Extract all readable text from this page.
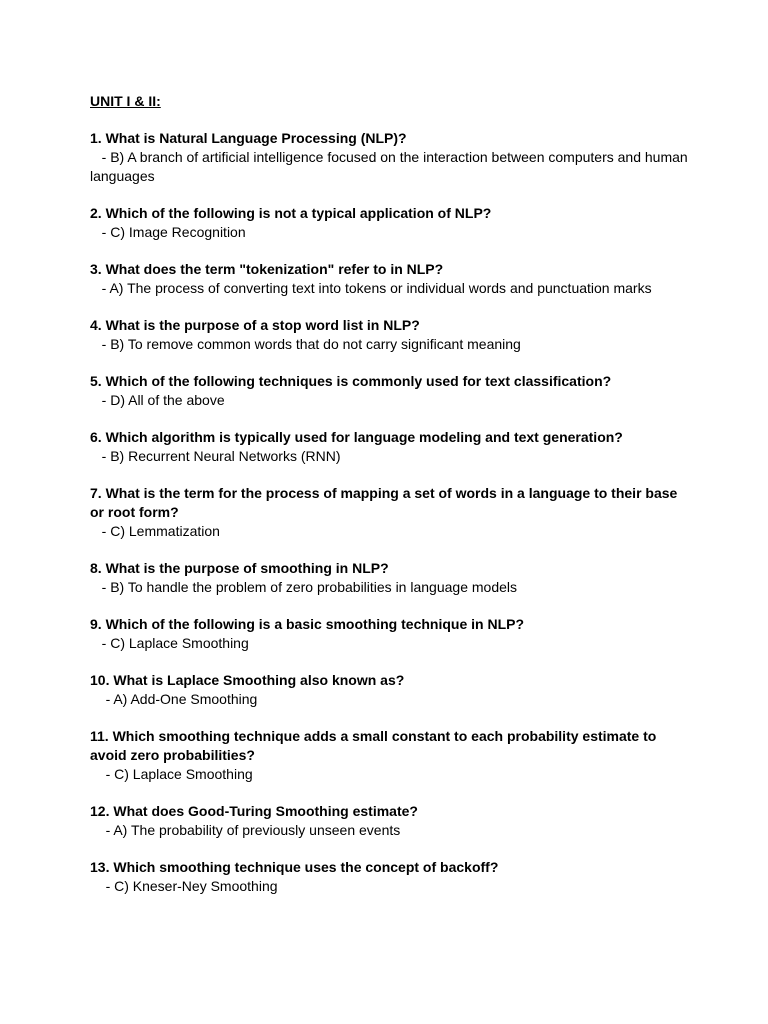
UNIT I & II:
1. What is Natural Language Processing (NLP)?
- B) A branch of artificial intelligence focused on the interaction between computers and human languages
2. Which of the following is not a typical application of NLP?
- C) Image Recognition
3. What does the term "tokenization" refer to in NLP?
- A) The process of converting text into tokens or individual words and punctuation marks
4. What is the purpose of a stop word list in NLP?
- B) To remove common words that do not carry significant meaning
5. Which of the following techniques is commonly used for text classification?
- D) All of the above
6. Which algorithm is typically used for language modeling and text generation?
- B) Recurrent Neural Networks (RNN)
7. What is the term for the process of mapping a set of words in a language to their base or root form?
- C) Lemmatization
8. What is the purpose of smoothing in NLP?
- B) To handle the problem of zero probabilities in language models
9. Which of the following is a basic smoothing technique in NLP?
- C) Laplace Smoothing
10. What is Laplace Smoothing also known as?
- A) Add-One Smoothing
11. Which smoothing technique adds a small constant to each probability estimate to avoid zero probabilities?
- C) Laplace Smoothing
12. What does Good-Turing Smoothing estimate?
- A) The probability of previously unseen events
13. Which smoothing technique uses the concept of backoff?
- C) Kneser-Ney Smoothing
